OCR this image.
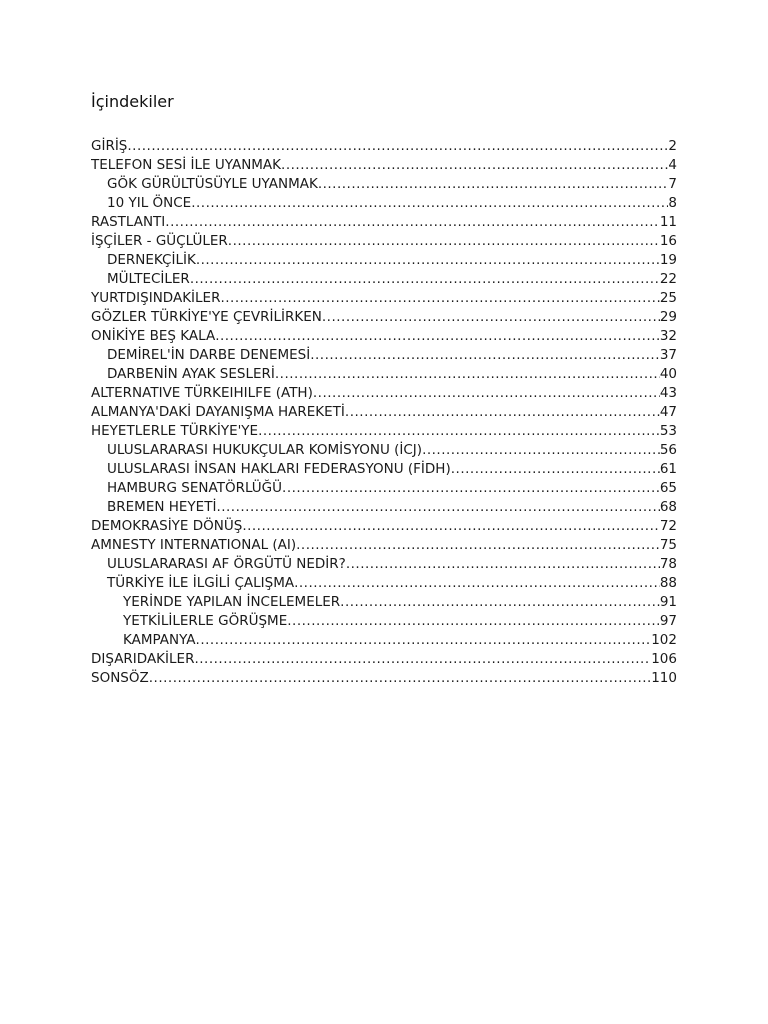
İçindekiler
GİRİŞ .....	2
TELEFON SESİ İLE UYANMAK .....	4
GÖK GÜRÜLTÜSÜYLE UYANMAK .....	7
10 YIL ÖNCE .....	8
RASTLANTI .....	11
İŞÇİLER - GÜÇLÜLER .....	16
DERNEKÇİLİK .....	19
MÜLTECİLER .....	22
YURTDIŞINDAKİLER .....	25
GÖZLER TÜRKİYE'YE ÇEVRİLİRKEN .....	29
ONİKİYE BEŞ KALA .....	32
DEMİREL'İN DARBE DENEMESİ .....	37
DARBENİN AYAK SESLERİ .....	40
ALTERNATIVE TÜRKEIHILFE (ATH) .....	43
ALMANYA'DAKİ DAYANIŞMA HAREKETİ .....	47
HEYETLERLE TÜRKİYE'YE .....	53
ULUSLARARASI HUKUKÇULAR KOMİSYONU (İCJ) .....	56
ULUSLARASI İNSAN HAKLARI FEDERASYONU (FİDH) .....	61
HAMBURG SENATÖRLÜĞÜ .....	65
BREMEN HEYETİ .....	68
DEMOKRASİYE DÖNÜŞ .....	72
AMNESTY INTERNATIONAL (AI) .....	75
ULUSLARARASI AF ÖRGÜTÜ NEDİR? .....	78
TÜRKİYE İLE İLGİLİ ÇALIŞMA .....	88
YERİNDE YAPILAN İNCELEMELER .....	91
YETKİLİLERLE GÖRÜŞME .....	97
KAMPANYA .....	102
DIŞARIDAKİLER .....	106
SONSÖZ .....	110
